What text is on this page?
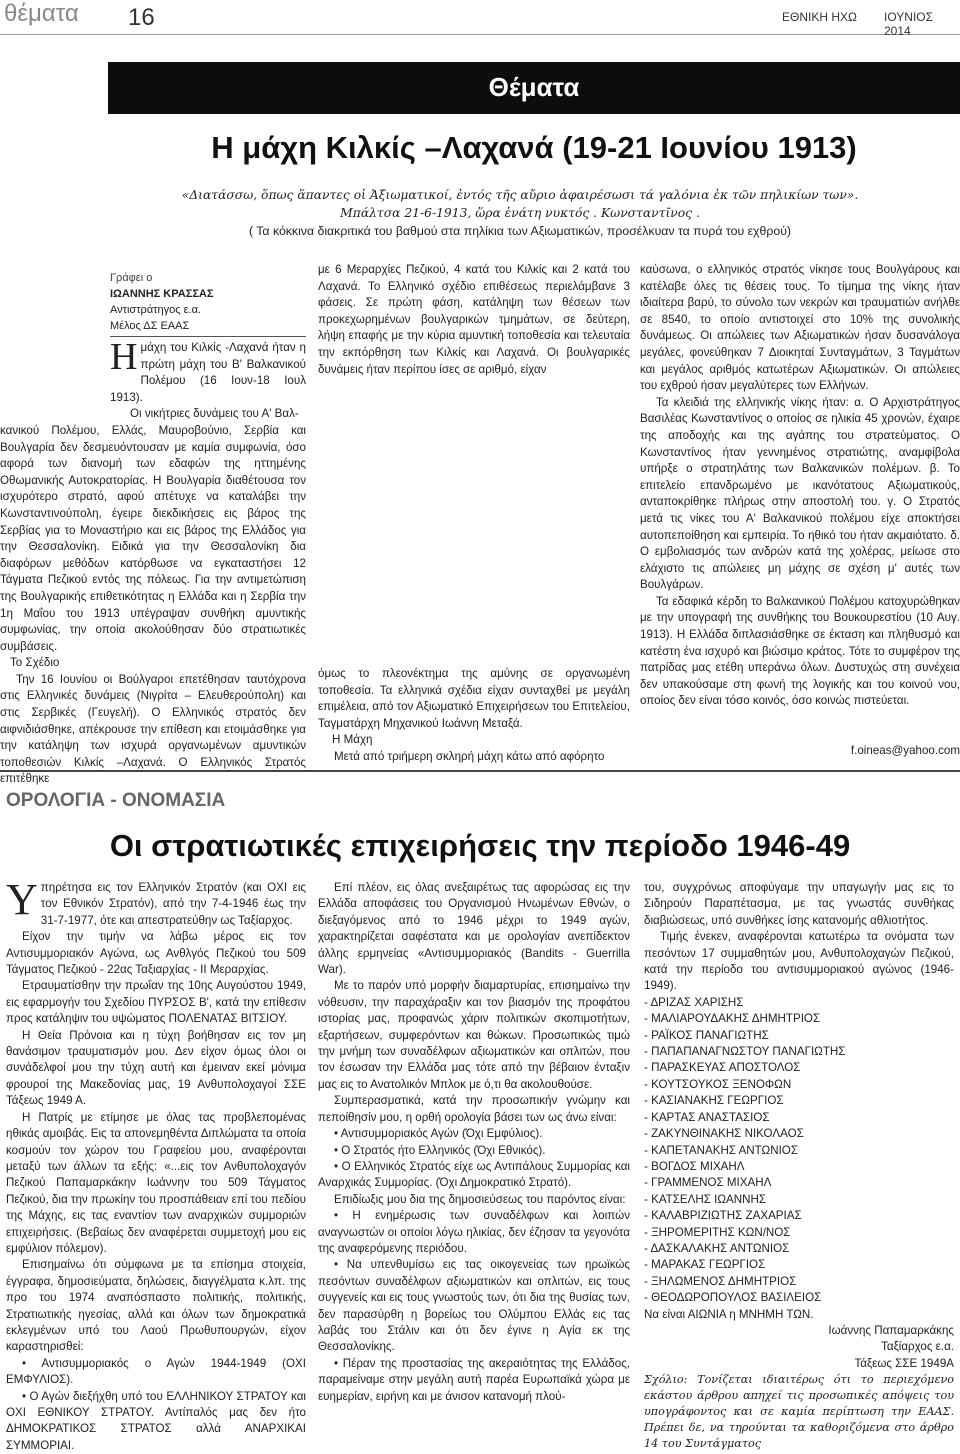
θέματα 16	ΕΘΝΙΚΗ ΗΧΩ ΙΟΥΝΙΟΣ 2014
Θέματα
Η μάχη Κιλκίς –Λαχανά (19-21 Ιουνίου 1913)
«Διατάσσω, ὅπως ἅπαντες οἱ Ἀξιωματικοί, ἐντός τῆς αὔριο ἀφαιρέσωσι τά γαλόνια ἐκ τῶν πηλικίων των».
Μπάλτσα 21-6-1913, ὥρα ἐνάτη νυκτός . Κωνσταντῖνος .
( Τα κόκκινα διακριτικά του βαθμού στα πηλίκια των Αξιωματικών, προσέλκυαν τα πυρά του εχθρού)
Γράφει ο
ΙΩΑΝΝΗΣ ΚΡΑΣΣΑΣ
Αντιστράτηγος ε.α.
Μέλος ΔΣ ΕΑΑΣ
Η μάχη του Κιλκίς -Λαχανά ήταν η πρώτη μάχη του Β' Βαλκανικού Πολέμου (16 Ιουν-18 Ιουλ 1913).

Οι νικήτριες δυνάμεις του Α' Βαλ-

κανικού Πολέμου, Ελλάς, Μαυροβούνιο, Σερβία και Βουλγαρία δεν δεσμευόντουσαν με καμία συμφωνία, όσο αφορά των διανομή των εδαφών της ηττημένης Οθωμανικής Αυτοκρατορίας. Η Βουλγαρία διαθέτουσα τον ισχυρότερο στρατό, αφού απέτυχε να καταλάβει την Κωνσταντινούπολη, έγειρε διεκδικήσεις εις βάρος της Σερβίας για το Μοναστήριο και εις βάρος της Ελλάδος για την Θεσσαλονίκη. Ειδικά για την Θεσσαλονίκη δια διαφόρων μεθόδων κατόρθωσε να εγκαταστήσει 12 Τάγματα Πεζικού εντός της πόλεως. Για την αντιμετώπιση της Βουλγαρικής επιθετικότητας η Ελλάδα και η Σερβία την 1η Μαΐου του 1913 υπέγραψαν συνθήκη αμυντικής συμφωνίας, την οποία ακολούθησαν δύο στρατιωτικές συμβάσεις.

Το Σχέδιο

Την 16 Ιουνίου οι Βούλγαροι επετέθησαν ταυτόχρονα στις Ελληνικές δυνάμεις (Νιγρίτα – Ελευθερούπολη) και στις Σερβικές (Γευγελή). Ο Ελληνικός στρατός δεν αιφνιδιάσθηκε, απέκρουσε την επίθεση και ετοιμάσθηκε για την κατάληψη των ισχυρά οργανωμένων αμυντικών τοποθεσιών Κιλκίς –Λαχανά. Ο Ελληνικός Στρατός επιτέθηκε

με 6 Μεραρχίες Πεζικού, 4 κατά του Κιλκίς και 2 κατά του Λαχανά. Το Ελληνικό σχέδιο επιθέσεως περιελάμβανε 3 φάσεις. Σε πρώτη φάση, κατάληψη των θέσεων των προκεχωρημένων βουλγαρικών τμημάτων, σε δεύτερη, λήψη επαφής με την κύρια αμυντική τοποθεσία και τελευταία την εκπόρθηση των Κιλκίς και Λαχανά. Οι βουλγαρικές δυνάμεις ήταν περίπου ίσες σε αριθμό, είχαν

όμως το πλεονέκτημα της αμύνης σε οργανωμένη τοποθεσία. Τα ελληνικά σχέδια είχαν συνταχθεί με μεγάλη επιμέλεια, από τον Αξιωματικό Επιχειρήσεων του Επιτελείου, Ταγματάρχη Μηχανικού Ιωάννη Μεταξά.

Η Μάχη

Μετά από τριήμερη σκληρή μάχη κάτω από αφόρητο

καύσωνα, ο ελληνικός στρατός νίκησε τους Βουλγάρους και κατέλαβε όλες τις θέσεις τους. Το τίμημα της νίκης ήταν ιδιαίτερα βαρύ, το σύνολο των νεκρών και τραυματιών ανήλθε σε 8540, το οποίο αντιστοιχεί στο 10% της συνολικής δυνάμεως. Οι απώλειες των Αξιωματικών ήσαν δυσανάλογα μεγάλες, φονεύθηκαν 7 Διοικηταί Συνταγμάτων, 3 Ταγμάτων και μεγάλος αριθμός κατωτέρων Αξιωματικών. Οι απώλειες του εχθρού ήσαν μεγαλύτερες των Ελλήνων.

Τα κλειδιά της ελληνικής νίκης ήταν: α. Ο Αρχιστράτηγος Βασιλέας Κωνσταντίνος ο οποίος σε ηλικία 45 χρονών, έχαιρε της αποδοχής και της αγάπης του στρατεύματος. Ο Κωνσταντίνος ήταν γεννημένος στρατιώτης, αναμφίβολα υπήρξε ο στρατηλάτης των Βαλκανικών πολέμων. β. Το επιτελείο επανδρωμένο με ικανότατους Αξιωματικούς, ανταποκρίθηκε πλήρως στην αποστολή του. γ. Ο Στρατός μετά τις νίκες του Α' Βαλκανικού πολέμου είχε αποκτήσει αυτοπεποίθηση και εμπειρία. Το ηθικό του ήταν ακμαιότατο. δ. Ο εμβολιασμός των ανδρών κατά της χολέρας, μείωσε στο ελάχιστο τις απώλειες μη μάχης σε σχέση μ' αυτές των Βουλγάρων.

Τα εδαφικά κέρδη το Βαλκανικού Πολέμου κατοχυρώθηκαν με την υπογραφή της συνθήκης του Βουκουρεστίου (10 Αυγ. 1913). Η Ελλάδα διπλασιάσθηκε σε έκταση και πληθυσμό και κατέστη ένα ισχυρό και βιώσιμο κράτος. Τότε το συμφέρον της πατρίδας μας ετέθη υπεράνω όλων. Δυστυχώς στη συνέχεια δεν υπακούσαμε στη φωνή της λογικής και του κοινού νου, οποίος δεν είναι τόσο κοινός, όσο κοινώς πιστεύεται.

f.oineas@yahoo.com
ΟΡΟΛΟΓΙΑ - ΟΝΟΜΑΣΙΑ
Οι στρατιωτικές επιχειρήσεις την περίοδο 1946-49

Υπηρέτησα εις τον Ελληνικόν Στρατόν (και ΟΧΙ εις τον Εθνικόν Στρατόν), από την 7-4-1946 έως την 31-7-1977, ότε και απεστρατεύθην ως Ταξίαρχος.

Είχον την τιμήν να λάβω μέρος εις τον Αντισυμμοριακόν Αγώνα, ως Ανθλγός Πεζικού του 509 Τάγματος Πεζικού - 22ας Ταξιαρχίας - ΙΙ Μεραρχίας.

Ετραυματίσθην την πρωΐαν της 10ης Αυγούστου 1949, εις εφαρμογήν του Σχεδίου ΠΥΡΣΟΣ Β', κατά την επίθεσιν προς κατάληψιν του υψώματος ΠΟΛΕΝΑΤΑΣ ΒΙΤΣΙΟΥ.

Η Θεία Πρόνοια και η τύχη βοήθησαν εις τον μη θανάσιμον τραυματισμόν μου. Δεν είχον όμως όλοι οι συνάδελφοί μου την τύχη αυτή και έμειναν εκεί μόνιμα φρουροί της Μακεδονίας μας, 19 Ανθυπολοχαγοί ΣΣΕ Τάξεως 1949 Α.

Η Πατρίς με ετίμησε με όλας τας προβλεπομένας ηθικάς αμοιβάς. Εις τα απονεμηθέντα Διπλώματα τα οποία κοσμούν τον χώρον του Γραφείου μου, αναφέρονται μεταξύ των άλλων τα εξής: «...εις τον Ανθυπολοχαγόν Πεζικού Παπαμαρκάκην Ιωάννην του 509 Τάγματος Πεζικού, δια την πρωκίην του προσπάθειαν επί του πεδίου της Μάχης, εις τας εναντίον των αναρχικών συμμοριών επιχειρήσεις. (Βεβαίως δεν αναφέρεται συμμετοχή μου εις εμφύλιον πόλεμον).

Επισημαίνω ότι σύμφωνα με τα επίσημα στοιχεία, έγγραφα, δημοσιεύματα, δηλώσεις, διαγγέλματα κ.λπ. της προ του 1974 αναπόσπαστο πολιτικής, πολιτικής, Στρατιωτικής ηγεσίας, αλλά και όλων των δημοκρατικά εκλεγμένων υπό του Λαού Πρωθυπουργών, είχον καραστηρισθεί:

• Αντισυμμοριακός ο Αγών 1944-1949 (ΟΧΙ ΕΜΦΥΛΙΟΣ).

• Ο Αγών διεξήχθη υπό του ΕΛΛΗΝΙΚΟΥ ΣΤΡΑΤΟΥ και ΟΧΙ ΕΘΝΙΚΟΥ ΣΤΡΑΤΟΥ. Αντίπαλός μας δεν ήτο ΔΗΜΟΚΡΑΤΙΚΟΣ ΣΤΡΑΤΟΣ αλλά ΑΝΑΡΧΙΚΑΙ ΣΥΜΜΟΡΙΑΙ.

Επί πλέον, εις όλας ανεξαιρέτως τας αφορώσας εις την Ελλάδα αποφάσεις του Οργανισμού Ηνωμένων Εθνών, ο διεξαγόμενος από το 1946 μέχρι το 1949 αγών, χαρακτηρίζεται σαφέστατα και με ορολογίαν ανεπίδεκτον άλλης ερμηνείας «Αντισυμμοριακός (Bandits - Guerrilla War).

Με το παρόν υπό μορφήν διαμαρτυρίας, επισημαίνω την νόθευσιν, την παραχάραξιν και τον βιασμόν της προφάτου ιστορίας μας, προφανώς χάριν πολιτικών σκοπιμοτήτων, εξαρτήσεων, συμφερόντων και θώκων. Προσωπικώς τιμώ την μνήμη των συναδέλφων αξιωματικών και οπλιτών, που τον έσωσαν την Ελλάδα μας τότε από την βέβαιον ένταξιν μας εις το Ανατολικόν Μπλοκ με ό,τι θα ακολουθούσε.

Συμπερασματικά, κατά την προσωπικήν γνώμην και πεποίθησίν μου, η ορθή ορολογία βάσει των ως άνω είναι:

• Αντισυμμοριακός Αγών (Όχι Εμφύλιος).

• Ο Στρατός ήτο Ελληνικός (Όχι Εθνικός).

• Ο Ελληνικός Στρατός είχε ως Αντιπάλους Συμμορίας και Αναρχικάς Συμμορίας. (Όχι Δημοκρατικό Στρατό).

Επιδίωξις μου δια της δημοσιεύσεως του παρόντος είναι:

• Η ενημέρωσις των συναδέλφων και λοιπών αναγνωστών οι οποίοι λόγω ηλικίας, δεν έζησαν τα γεγονότα της αναφερόμενης περιόδου.

• Να υπενθυμίσω εις τας οικογενείας των ηρωϊκώς πεσόντων συναδέλφων αξιωματικών και οπλιτών, εις τους συγγενείς και εις τους γνωστούς των, ότι δια της θυσίας των, δεν παρασύρθη η βορείως του Ολύμπου Ελλάς εις τας λαβάς του Στάλιν και ότι δεν έγινε η Αγία εκ της Θεσσαλονίκης.

• Πέραν της προστασίας της ακεραιότητας της Ελλάδος, παραμείναμε στην μεγάλη αυτή παρέα Ευρωπαϊκά χώρα με ευημερίαν, ειρήνη και με άνισον κατανομή πλού-

του, συγχρόνως αποφύγαμε την υπαγωγήν μας εις το Σιδηρούν Παραπέτασμα, με τας γνωστάς συνθήκας διαβιώσεως, υπό συνθήκες ίσης κατανομής αθλιοτήτος.

Τιμής ένεκεν, αναφέρονται κατωτέρω τα ονόματα των πεσόντων 17 συμμαθητών μου, Ανθυπολοχαγών Πεζικού, κατά την περίοδο του αντισυμμοριακού αγώνος (1946-1949).

- ΔΡΙΖΑΣ ΧΑΡΙΣΗΣ

- ΜΑΛΙΑΡΟΥΔΑΚΗΣ ΔΗΜΗΤΡΙΟΣ

- ΡΑΪΚΟΣ ΠΑΝΑΓΙΩΤΗΣ

- ΠΑΠΑΠΑΝΑΓΝΩΣΤΟΥ ΠΑΝΑΓΙΩΤΗΣ

- ΠΑΡΑΣΚΕΥΑΣ ΑΠΟΣΤΟΛΟΣ

- ΚΟΥΤΣΟΥΚΟΣ ΞΕΝΟΦΩΝ

- ΚΑΣΙΑΝΑΚΗΣ ΓΕΩΡΓΙΟΣ

- ΚΑΡΤΑΣ ΑΝΑΣΤΑΣΙΟΣ

- ΖΑΚΥΝΘΙΝΑΚΗΣ ΝΙΚΟΛΑΟΣ

- ΚΑΠΕΤΑΝΑΚΗΣ ΑΝΤΩΝΙΟΣ

- ΒΟΓΔΟΣ ΜΙΧΑΗΛ

- ΓΡΑΜΜΕΝΟΣ ΜΙΧΑΗΛ

- ΚΑΤΣΕΛΗΣ ΙΩΑΝΝΗΣ

- ΚΑΛΑΒΡΙΖΙΩΤΗΣ ΖΑΧΑΡΙΑΣ

- ΞΗΡΟΜΕΡΙΤΗΣ ΚΩΝ/ΝΟΣ

- ΔΑΣΚΑΛΑΚΗΣ ΑΝΤΩΝΙΟΣ

- ΜΑΡΑΚΑΣ ΓΕΩΡΓΙΟΣ

- ΞΗΛΩΜΕΝΟΣ ΔΗΜΗΤΡΙΟΣ

- ΘΕΟΔΩΡΟΠΟΥΛΟΣ ΒΑΣΙΛΕΙΟΣ

Να είναι ΑΙΩΝΙΑ η ΜΝΗΜΗ ΤΩΝ.

Ιωάννης Παπαμαρκάκης

Ταξίαρχος ε.α.

Τάξεως ΣΣΕ 1949Α

Σχόλιο: Τονίζεται ιδιαιτέρως ότι το περιεχόμενο εκάστου άρθρου απηχεί τις προσωπικές απόψεις του υπογράφοντος και σε καμία περίπτωση την ΕΑΑΣ. Πρέπει δε, να τηρούνται τα καθοριζόμενα στο άρθρο 14 του Συντάγματος
